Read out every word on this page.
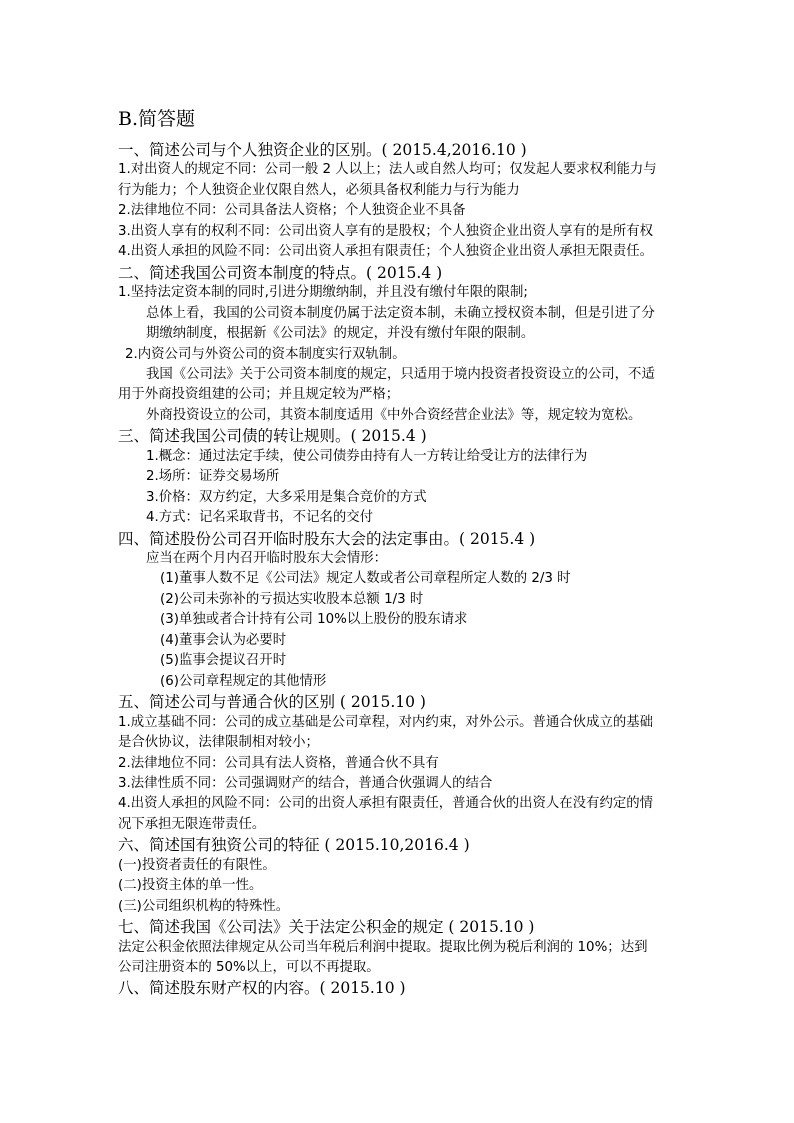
B.简答题
一、简述公司与个人独资企业的区别。( 2015.4,2016.10 )
1.对出资人的规定不同：公司一般 2 人以上；法人或自然人均可；仅发起人要求权利能力与
行为能力；个人独资企业仅限自然人，必须具备权利能力与行为能力
2.法律地位不同：公司具备法人资格；个人独资企业不具备
3.出资人享有的权利不同：公司出资人享有的是股权；个人独资企业出资人享有的是所有权
4.出资人承担的风险不同：公司出资人承担有限责任；个人独资企业出资人承担无限责任。
二、简述我国公司资本制度的特点。( 2015.4 )
1.坚持法定资本制的同时,引进分期缴纳制，并且没有缴付年限的限制;
总体上看，我国的公司资本制度仍属于法定资本制，未确立授权资本制，但是引进了分
期缴纳制度，根据新《公司法》的规定，并没有缴付年限的限制。
2.内资公司与外资公司的资本制度实行双轨制。
我国《公司法》关于公司资本制度的规定，只适用于境内投资者投资设立的公司，不适
用于外商投资组建的公司；并且规定较为严格；
外商投资设立的公司，其资本制度适用《中外合资经营企业法》等，规定较为宽松。
三、简述我国公司债的转让规则。( 2015.4 )
1.概念：通过法定手续，使公司债券由持有人一方转让给受让方的法律行为
2.场所：证券交易场所
3.价格：双方约定，大多采用是集合竞价的方式
4.方式：记名采取背书，不记名的交付
四、简述股份公司召开临时股东大会的法定事由。( 2015.4 )
应当在两个月内召开临时股东大会情形：
(1)董事人数不足《公司法》规定人数或者公司章程所定人数的 2/3 时
(2)公司未弥补的亏损达实收股本总额 1/3 时
(3)单独或者合计持有公司 10%以上股份的股东请求
(4)董事会认为必要时
(5)监事会提议召开时
(6)公司章程规定的其他情形
五、简述公司与普通合伙的区别 ( 2015.10 )
1.成立基础不同：公司的成立基础是公司章程，对内约束，对外公示。普通合伙成立的基础
是合伙协议，法律限制相对较小；
2.法律地位不同：公司具有法人资格，普通合伙不具有
3.法律性质不同：公司强调财产的结合，普通合伙强调人的结合
4.出资人承担的风险不同：公司的出资人承担有限责任，普通合伙的出资人在没有约定的情
况下承担无限连带责任。
六、简述国有独资公司的特征 ( 2015.10,2016.4 )
(一)投资者责任的有限性。
(二)投资主体的单一性。
(三)公司组织机构的特殊性。
七、简述我国《公司法》关于法定公积金的规定 ( 2015.10 )
法定公积金依照法律规定从公司当年税后利润中提取。提取比例为税后利润的 10%；达到
公司注册资本的 50%以上，可以不再提取。
八、简述股东财产权的内容。( 2015.10 )
